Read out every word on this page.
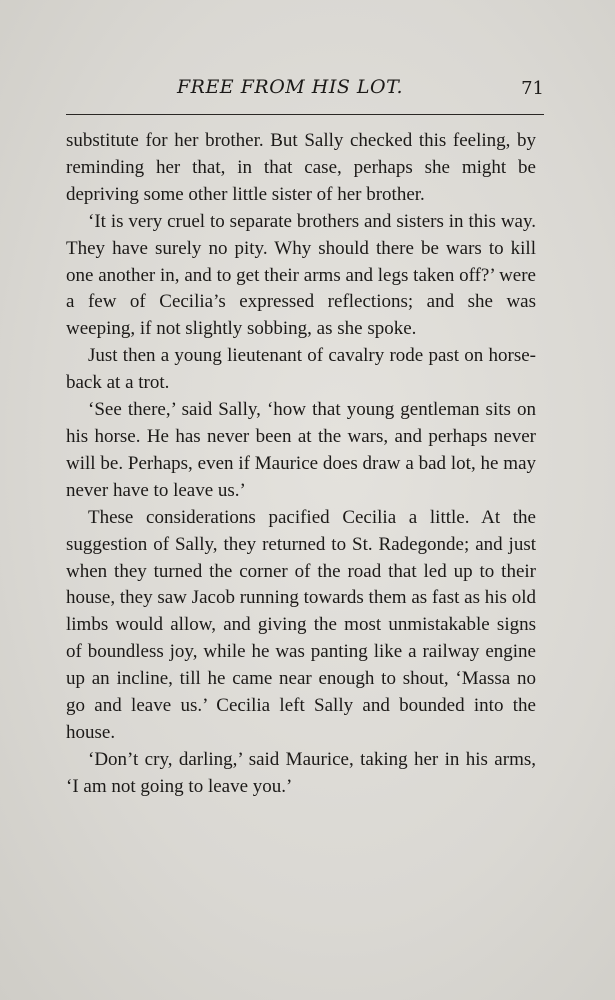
FREE FROM HIS LOT.	71

substitute for her brother. But Sally checked this feeling, by reminding her that, in that case, perhaps she might be depriving some other little sister of her brother.

‘It is very cruel to separate brothers and sisters in this way. They have surely no pity. Why should there be wars to kill one another in, and to get their arms and legs taken off?’ were a few of Cecilia’s expressed reflections; and she was weeping, if not slightly sobbing, as she spoke.

Just then a young lieutenant of cavalry rode past on horse-back at a trot.

‘See there,’ said Sally, ‘how that young gentleman sits on his horse. He has never been at the wars, and perhaps never will be. Perhaps, even if Maurice does draw a bad lot, he may never have to leave us.’

These considerations pacified Cecilia a little. At the suggestion of Sally, they returned to St. Radegonde; and just when they turned the corner of the road that led up to their house, they saw Jacob running towards them as fast as his old limbs would allow, and giving the most unmistakable signs of boundless joy, while he was panting like a railway engine up an incline, till he came near enough to shout, ‘Massa no go and leave us.’ Cecilia left Sally and bounded into the house.

‘Don’t cry, darling,’ said Maurice, taking her in his arms, ‘I am not going to leave you.’
